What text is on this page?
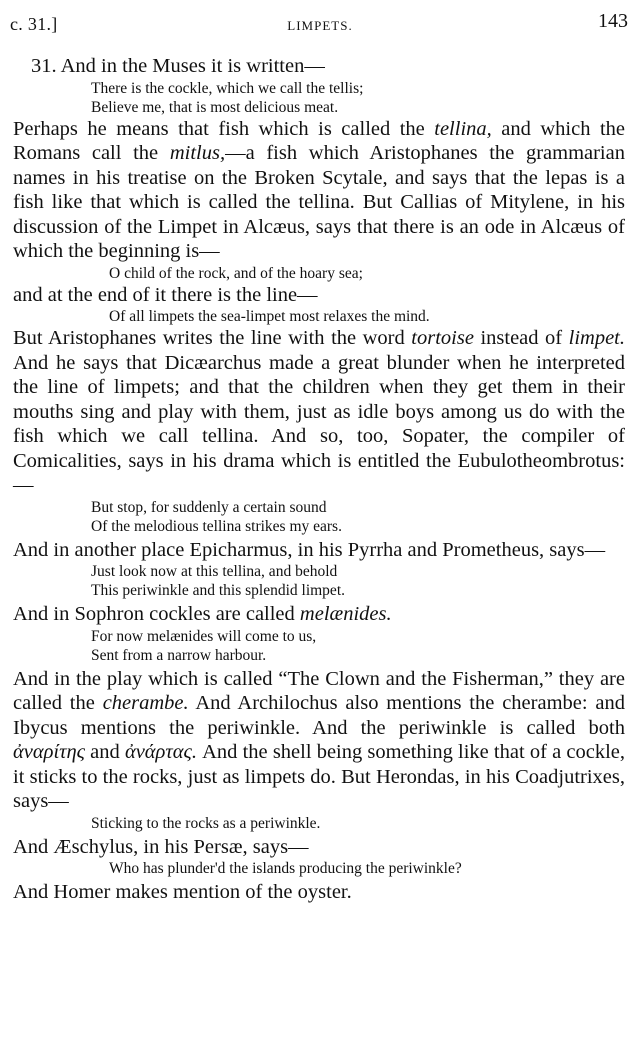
c. 31.]	LIMPETS.	143

31. And in the Muses it is written—

There is the cockle, which we call the tellis;
Believe me, that is most delicious meat.

Perhaps he means that fish which is called the tellina, and which the Romans call the mitlus,—a fish which Aristophanes the grammarian names in his treatise on the Broken Scytale, and says that the lepas is a fish like that which is called the tellina. But Callias of Mitylene, in his discussion of the Limpet in Alcæus, says that there is an ode in Alcæus of which the beginning is—

O child of the rock, and of the hoary sea;

and at the end of it there is the line—

Of all limpets the sea-limpet most relaxes the mind.

But Aristophanes writes the line with the word tortoise instead of limpet. And he says that Dicæarchus made a great blunder when he interpreted the line of limpets; and that the children when they get them in their mouths sing and play with them, just as idle boys among us do with the fish which we call tellina. And so, too, Sopater, the compiler of Comicalities, says in his drama which is entitled the Eubulotheombrotus:—

But stop, for suddenly a certain sound
Of the melodious tellina strikes my ears.

And in another place Epicharmus, in his Pyrrha and Prometheus, says—

Just look now at this tellina, and behold
This periwinkle and this splendid limpet.

And in Sophron cockles are called melænides.

For now melænides will come to us,
Sent from a narrow harbour.

And in the play which is called “The Clown and the Fisherman,” they are called the cherambe. And Archilochus also mentions the cherambe: and Ibycus mentions the periwinkle. And the periwinkle is called both ἀναρίτης and ἀνάρτας. And the shell being something like that of a cockle, it sticks to the rocks, just as limpets do. But Herondas, in his Coadjutrixes, says—

Sticking to the rocks as a periwinkle.

And Æschylus, in his Persæ, says—

Who has plunder'd the islands producing the periwinkle?

And Homer makes mention of the oyster.
